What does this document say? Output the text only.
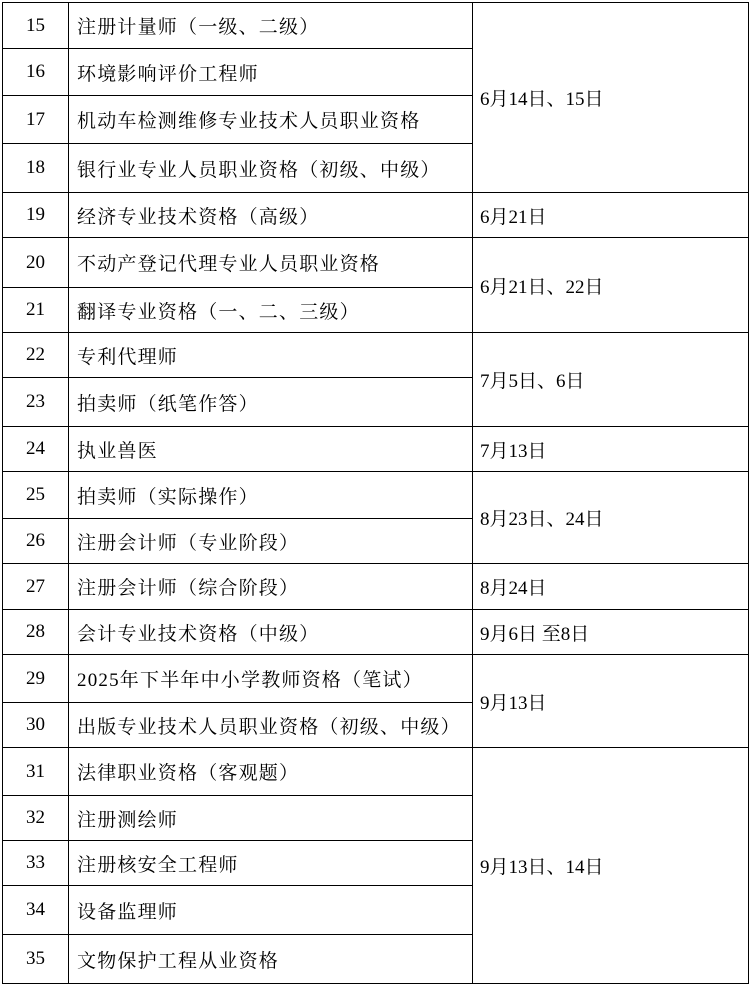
15	注册计量师（一级、二级）	6月14日、15日
16	环境影响评价工程师	
17	机动车检测维修专业技术人员职业资格	
18	银行业专业人员职业资格（初级、中级）	
19	经济专业技术资格（高级）	6月21日
20	不动产登记代理专业人员职业资格	6月21日、22日
21	翻译专业资格（一、二、三级）	
22	专利代理师	7月5日、6日
23	拍卖师（纸笔作答）	
24	执业兽医	7月13日
25	拍卖师（实际操作）	8月23日、24日
26	注册会计师（专业阶段）	
27	注册会计师（综合阶段）	8月24日
28	会计专业技术资格（中级）	9月6日 至8日
29	2025年下半年中小学教师资格（笔试）	9月13日
30	出版专业技术人员职业资格（初级、中级）	
31	法律职业资格（客观题）	9月13日、14日
32	注册测绘师	
33	注册核安全工程师	
34	设备监理师	
35	文物保护工程从业资格	
